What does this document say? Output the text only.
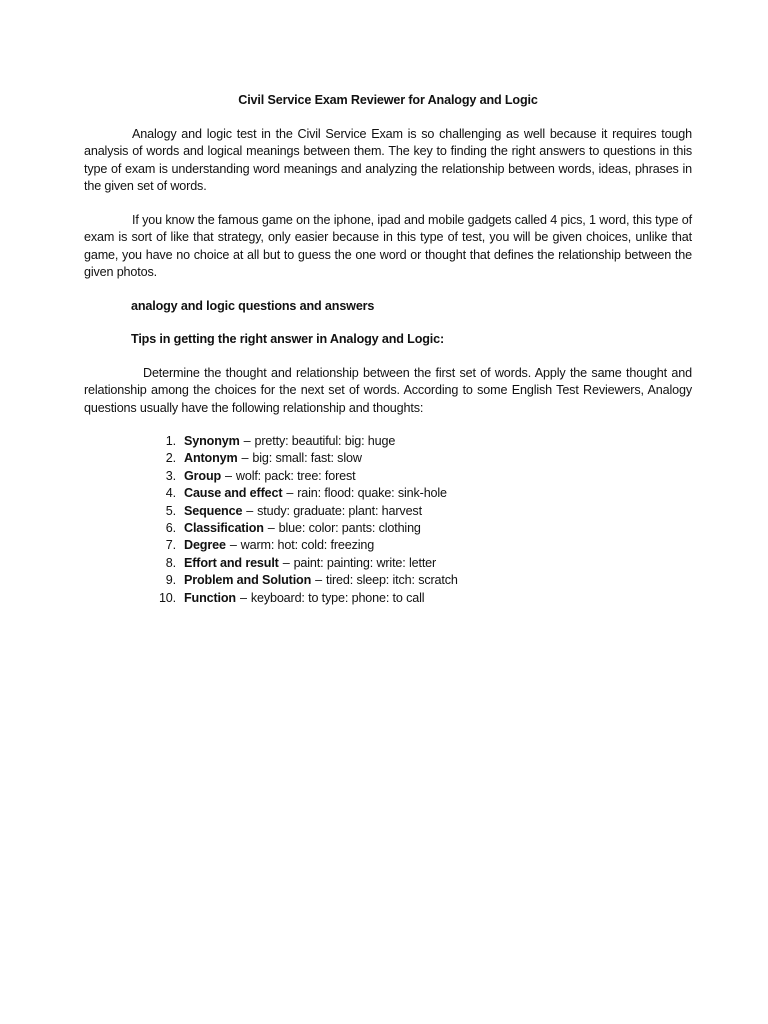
Civil Service Exam Reviewer for Analogy and Logic

Analogy and logic test in the Civil Service Exam is so challenging as well because it requires tough analysis of words and logical meanings between them. The key to finding the right answers to questions in this type of exam is understanding word meanings and analyzing the relationship between words, ideas, phrases in the given set of words.

If you know the famous game on the iphone, ipad and mobile gadgets called 4 pics, 1 word, this type of exam is sort of like that strategy, only easier because in this type of test, you will be given choices, unlike that game, you have no choice at all but to guess the one word or thought that defines the relationship between the given photos.

analogy and logic questions and answers
Tips in getting the right answer in Analogy and Logic:

Determine the thought and relationship between the first set of words. Apply the same thought and relationship among the choices for the next set of words. According to some English Test Reviewers, Analogy questions usually have the following relationship and thoughts:

1. Synonym – pretty: beautiful: big: huge
2. Antonym – big: small: fast: slow
3. Group – wolf: pack: tree: forest
4. Cause and effect – rain: flood: quake: sink-hole
5. Sequence – study: graduate: plant: harvest
6. Classification – blue: color: pants: clothing
7. Degree – warm: hot: cold: freezing
8. Effort and result – paint: painting: write: letter
9. Problem and Solution – tired: sleep: itch: scratch
10. Function – keyboard: to type: phone: to call
